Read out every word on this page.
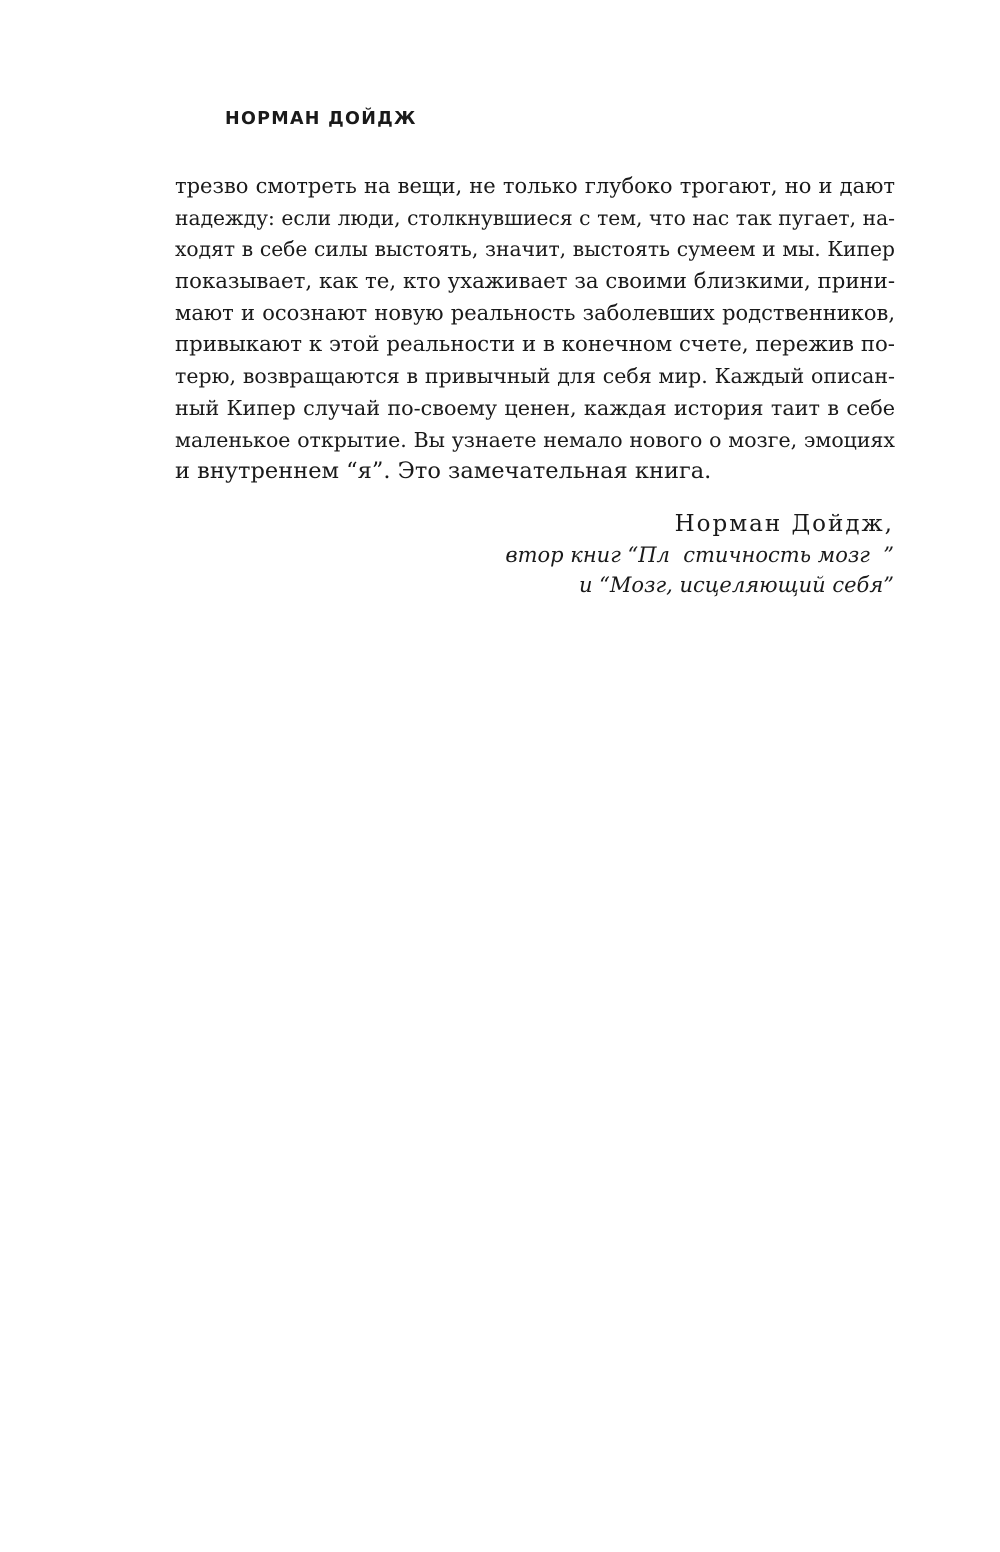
НОРМАН ДОЙДЖ
трезво смотреть на вещи, не только глубоко трогают, но и дают
надежду: если люди, столкнувшиеся с тем, что нас так пугает, на-
ходят в себе силы выстоять, значит, выстоять сумеем и мы. Кипер
показывает, как те, кто ухаживает за своими близкими, прини-
мают и осознают новую реальность заболевших родственников,
привыкают к этой реальности и в конечном счете, пережив по-
терю, возвращаются в привычный для себя мир. Каждый описан-
ный Кипер случай по-своему ценен, каждая история таит в себе
маленькое открытие. Вы узнаете немало нового о мозге, эмоциях
и внутреннем “я”. Это замечательная книга.
Норман Дойдж,
втор книг “Пл  стичность мозг  ”
и “Мозг, исцеляющий себя”
